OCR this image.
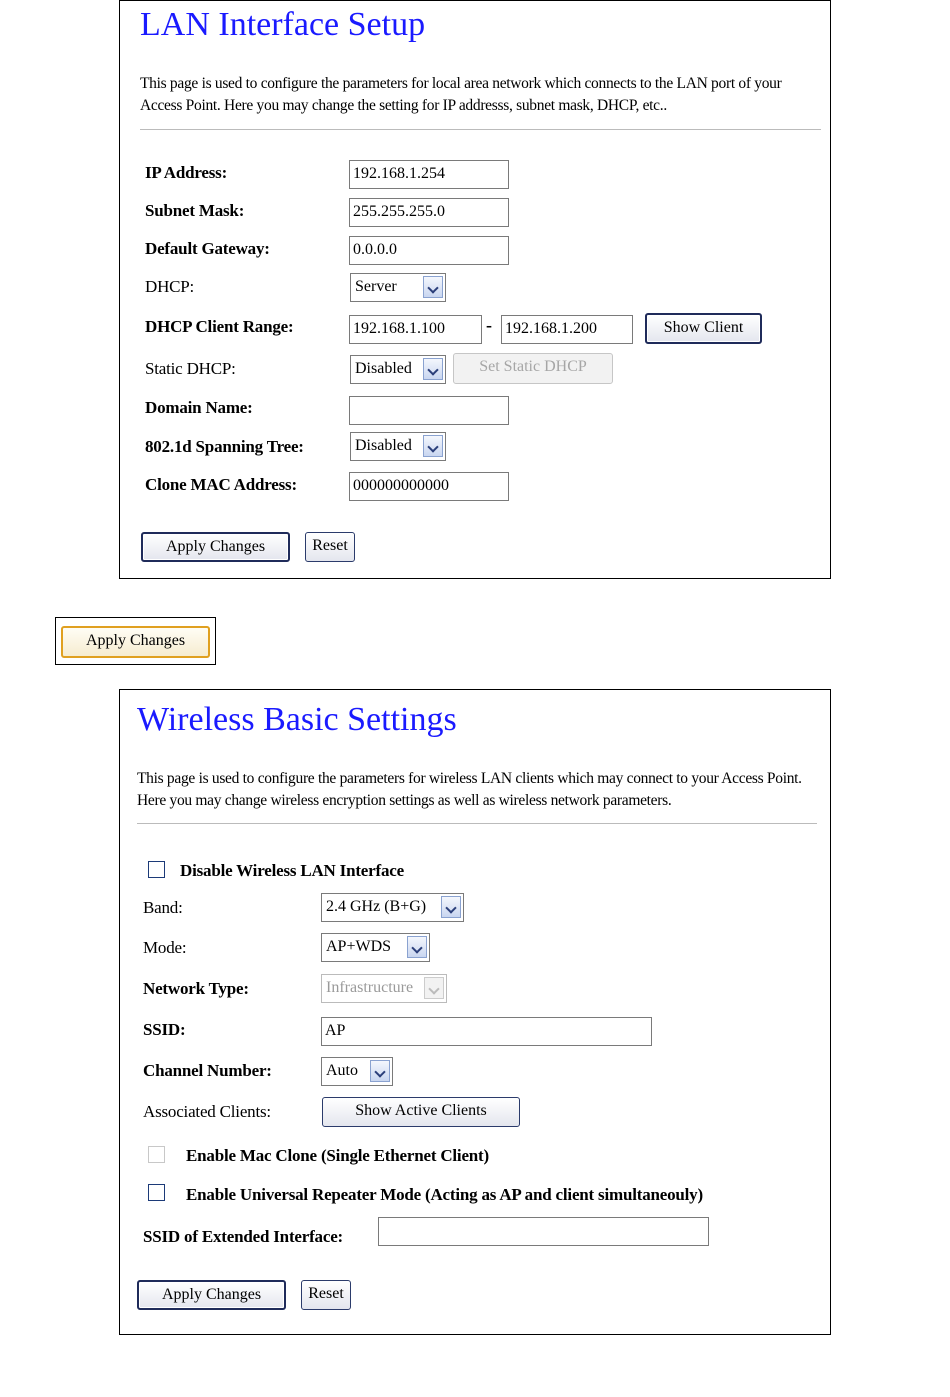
LAN Interface Setup
This page is used to configure the parameters for local area network which connects to the LAN port of your Access Point. Here you may change the setting for IP addresss, subnet mask, DHCP, etc..
IP Address:	192.168.1.254
Subnet Mask:	255.255.255.0
Default Gateway:	0.0.0.0
DHCP:	Server
DHCP Client Range:	192.168.1.100	- 192.168.1.200	Show Client
Static DHCP:	Disabled	Set Static DHCP
Domain Name:
802.1d Spanning Tree:	Disabled
Clone MAC Address:	000000000000
Apply Changes	Reset
Apply Changes
Wireless Basic Settings
This page is used to configure the parameters for wireless LAN clients which may connect to your Access Point. Here you may change wireless encryption settings as well as wireless network parameters.
Disable Wireless LAN Interface
Band:	2.4 GHz (B+G)
Mode:	AP+WDS
Network Type:	Infrastructure
SSID:	AP
Channel Number:	Auto
Associated Clients:	Show Active Clients
Enable Mac Clone (Single Ethernet Client)
Enable Universal Repeater Mode (Acting as AP and client simultaneouly)
SSID of Extended Interface:
Apply Changes	Reset
